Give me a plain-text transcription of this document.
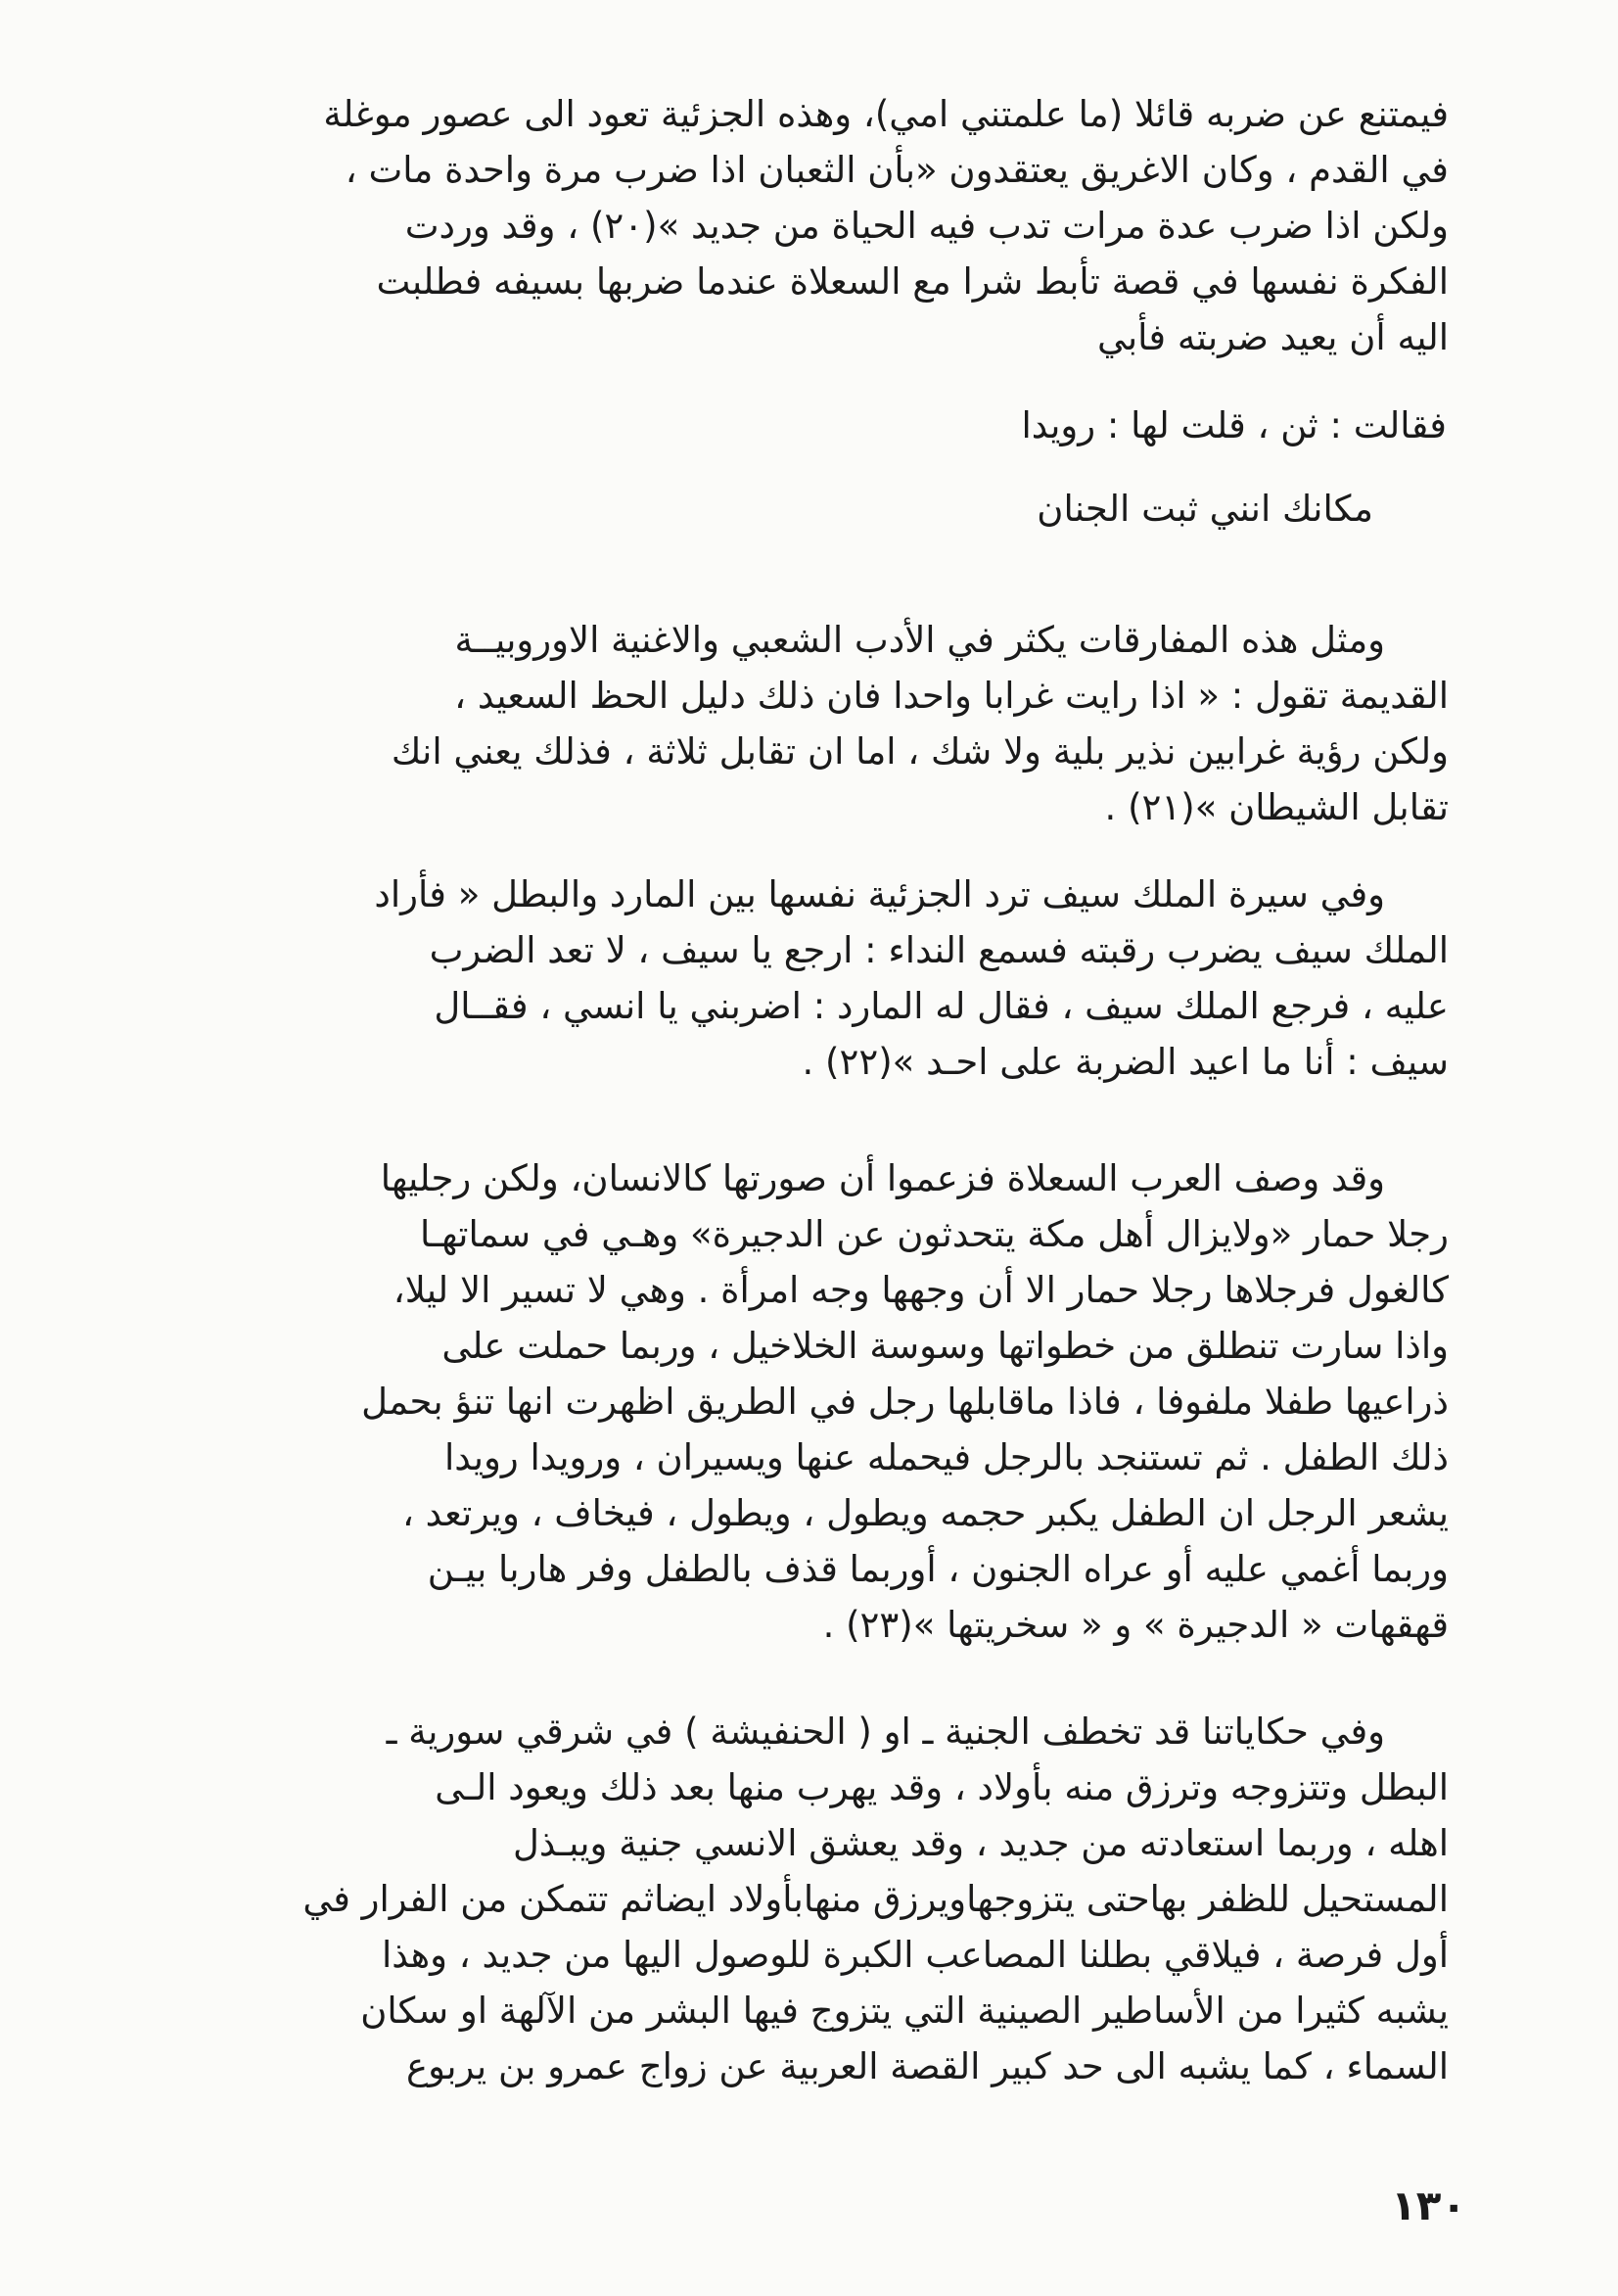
فيمتنع عن ضربه قائلا (ما علمتني امي)، وهذه الجزئية تعود الى عصور موغلة
في القدم ، وكان الاغريق يعتقدون «بأن الثعبان اذا ضرب مرة واحدة مات ،
ولكن اذا ضرب عدة مرات تدب فيه الحياة من جديد »(٢٠) ، وقد وردت
الفكرة نفسها في قصة تأبط شرا مع السعلاة عندما ضربها بسيفه فطلبت
اليه أن يعيد ضربته فأبي
فقالت : ثن ، قلت لها : رويدا
مكانك انني ثبت الجنان
ومثل هذه المفارقات يكثر في الأدب الشعبي والاغنية الاوروبيــة
القديمة تقول : « اذا رايت غرابا واحدا فان ذلك دليل الحظ السعيد ،
ولكن رؤية غرابين نذير بلية ولا شك ، اما ان تقابل ثلاثة ، فذلك يعني انك
تقابل الشيطان »(٢١) .
وفي سيرة الملك سيف ترد الجزئية نفسها بين المارد والبطل « فأراد
الملك سيف يضرب رقبته فسمع النداء : ارجع يا سيف ، لا تعد الضرب
عليه ، فرجع الملك سيف ، فقال له المارد : اضربني يا انسي ، فقــال
سيف : أنا ما اعيد الضربة على احـد »(٢٢) .
وقد وصف العرب السعلاة فزعموا أن صورتها كالانسان، ولكن رجليها
رجلا حمار «ولايزال أهل مكة يتحدثون عن الدجيرة» وهـي في سماتهـا
كالغول فرجلاها رجلا حمار الا أن وجهها وجه امرأة . وهي لا تسير الا ليلا،
واذا سارت تنطلق من خطواتها وسوسة الخلاخيل ، وربما حملت على
ذراعيها طفلا ملفوفا ، فاذا ماقابلها رجل في الطريق اظهرت انها تنؤ بحمل
ذلك الطفل . ثم تستنجد بالرجل فيحمله عنها ويسيران ، ورويدا رويدا
يشعر الرجل ان الطفل يكبر حجمه ويطول ، ويطول ، فيخاف ، ويرتعد ،
وربما أغمي عليه أو عراه الجنون ، أوربما قذف بالطفل وفر هاربا بيـن
قهقهات « الدجيرة » و « سخريتها »(٢٣) .
وفي حكاياتنا قد تخطف الجنية ـ او ( الحنفيشة ) في شرقي سورية ـ
البطل وتتزوجه وترزق منه بأولاد ، وقد يهرب منها بعد ذلك ويعود الـى
اهله ، وربما استعادته من جديد ، وقد يعشق الانسي جنية ويبـذل
المستحيل للظفر بهاحتى يتزوجهاويرزق منهابأولاد ايضاثم تتمكن من الفرار في
أول فرصة ، فيلاقي بطلنا المصاعب الكبرة للوصول اليها من جديد ، وهذا
يشبه كثيرا من الأساطير الصينية التي يتزوج فيها البشر من الآلهة او سكان
السماء ، كما يشبه الى حد كبير القصة العربية عن زواج عمرو بن يربوع
١٣٠
